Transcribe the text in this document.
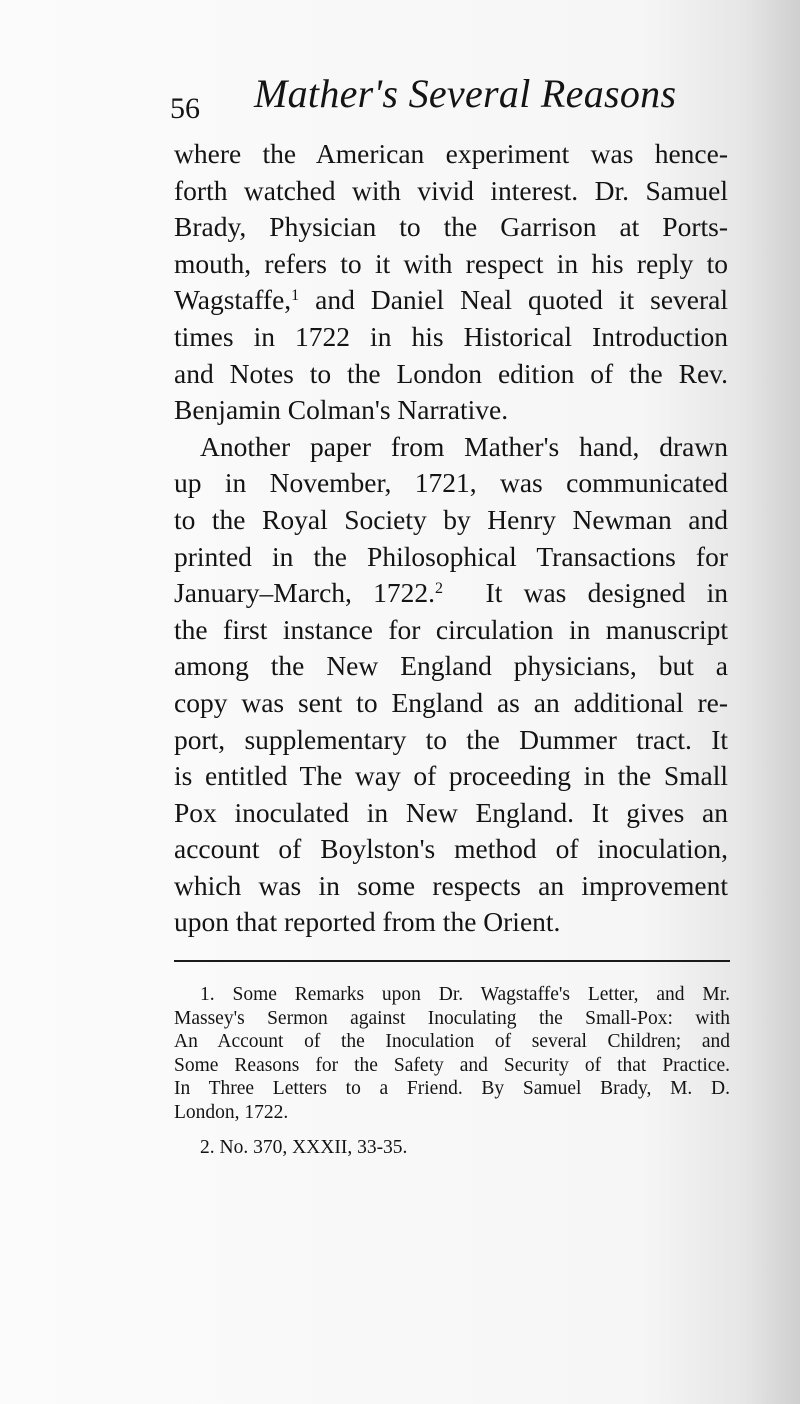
56 Mather's Several Reasons
where the American experiment was hence-
forth watched with vivid interest. Dr. Samuel
Brady, Physician to the Garrison at Ports-
mouth, refers to it with respect in his reply to
Wagstaffe,$^1$ and Daniel Neal quoted it several
times in 1722 in his Historical Introduction
and Notes to the London edition of the Rev.
Benjamin Colman's Narrative.
Another paper from Mather's hand, drawn
up in November, 1721, was communicated
to the Royal Society by Henry Newman and
printed in the Philosophical Transactions for
January–March, 1722.$^2$ It was designed in
the first instance for circulation in manuscript
among the New England physicians, but a
copy was sent to England as an additional re-
port, supplementary to the Dummer tract. It
is entitled The way of proceeding in the Small
Pox inoculated in New England. It gives an
account of Boylston's method of inoculation,
which was in some respects an improvement
upon that reported from the Orient.
1. Some Remarks upon Dr. Wagstaffe's Letter, and Mr.
Massey's Sermon against Inoculating the Small-Pox: with
An Account of the Inoculation of several Children; and
Some Reasons for the Safety and Security of that Practice.
In Three Letters to a Friend. By Samuel Brady, M. D.
London, 1722.
2. No. 370, XXXII, 33-35.
